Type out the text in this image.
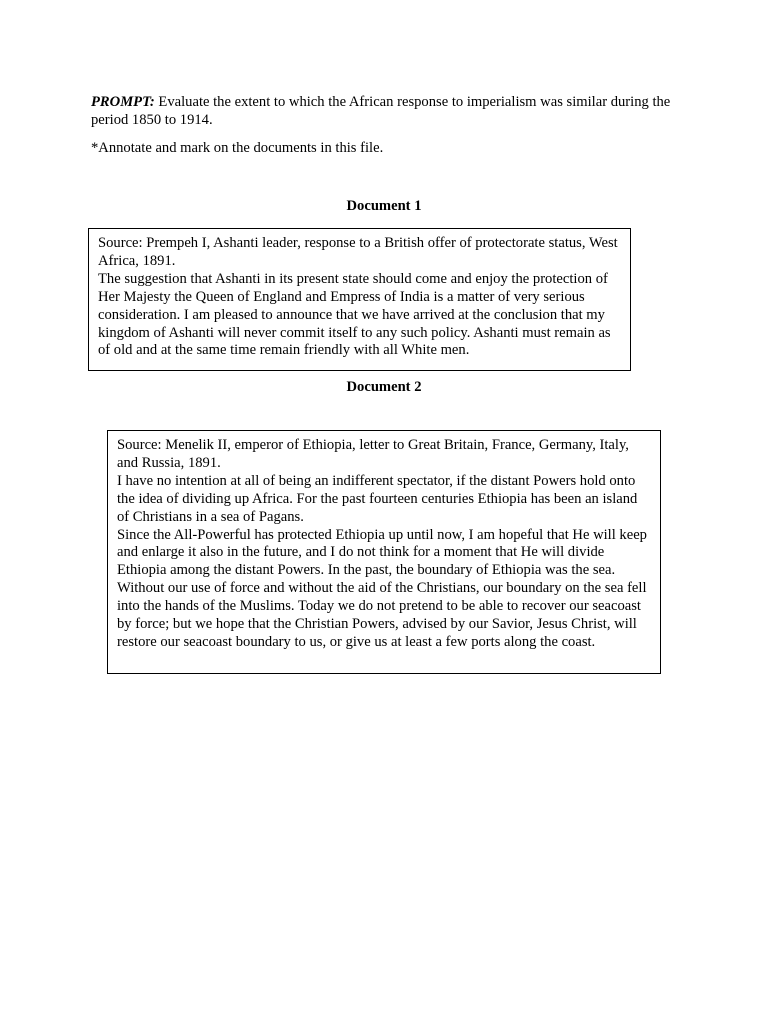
PROMPT: Evaluate the extent to which the African response to imperialism was similar during the period 1850 to 1914.

*Annotate and mark on the documents in this file.

Document 1

Source: Prempeh I, Ashanti leader, response to a British offer of protectorate status, West Africa, 1891.

The suggestion that Ashanti in its present state should come and enjoy the protection of Her Majesty the Queen of England and Empress of India is a matter of very serious consideration. I am pleased to announce that we have arrived at the conclusion that my kingdom of Ashanti will never commit itself to any such policy. Ashanti must remain as of old and at the same time remain friendly with all White men.

Document 2

Source: Menelik II, emperor of Ethiopia, letter to Great Britain, France, Germany, Italy, and Russia, 1891.

I have no intention at all of being an indifferent spectator, if the distant Powers hold onto the idea of dividing up Africa. For the past fourteen centuries Ethiopia has been an island of Christians in a sea of Pagans.

Since the All-Powerful has protected Ethiopia up until now, I am hopeful that He will keep and enlarge it also in the future, and I do not think for a moment that He will divide Ethiopia among the distant Powers. In the past, the boundary of Ethiopia was the sea. Without our use of force and without the aid of the Christians, our boundary on the sea fell into the hands of the Muslims. Today we do not pretend to be able to recover our seacoast by force; but we hope that the Christian Powers, advised by our Savior, Jesus Christ, will restore our seacoast boundary to us, or give us at least a few ports along the coast.
